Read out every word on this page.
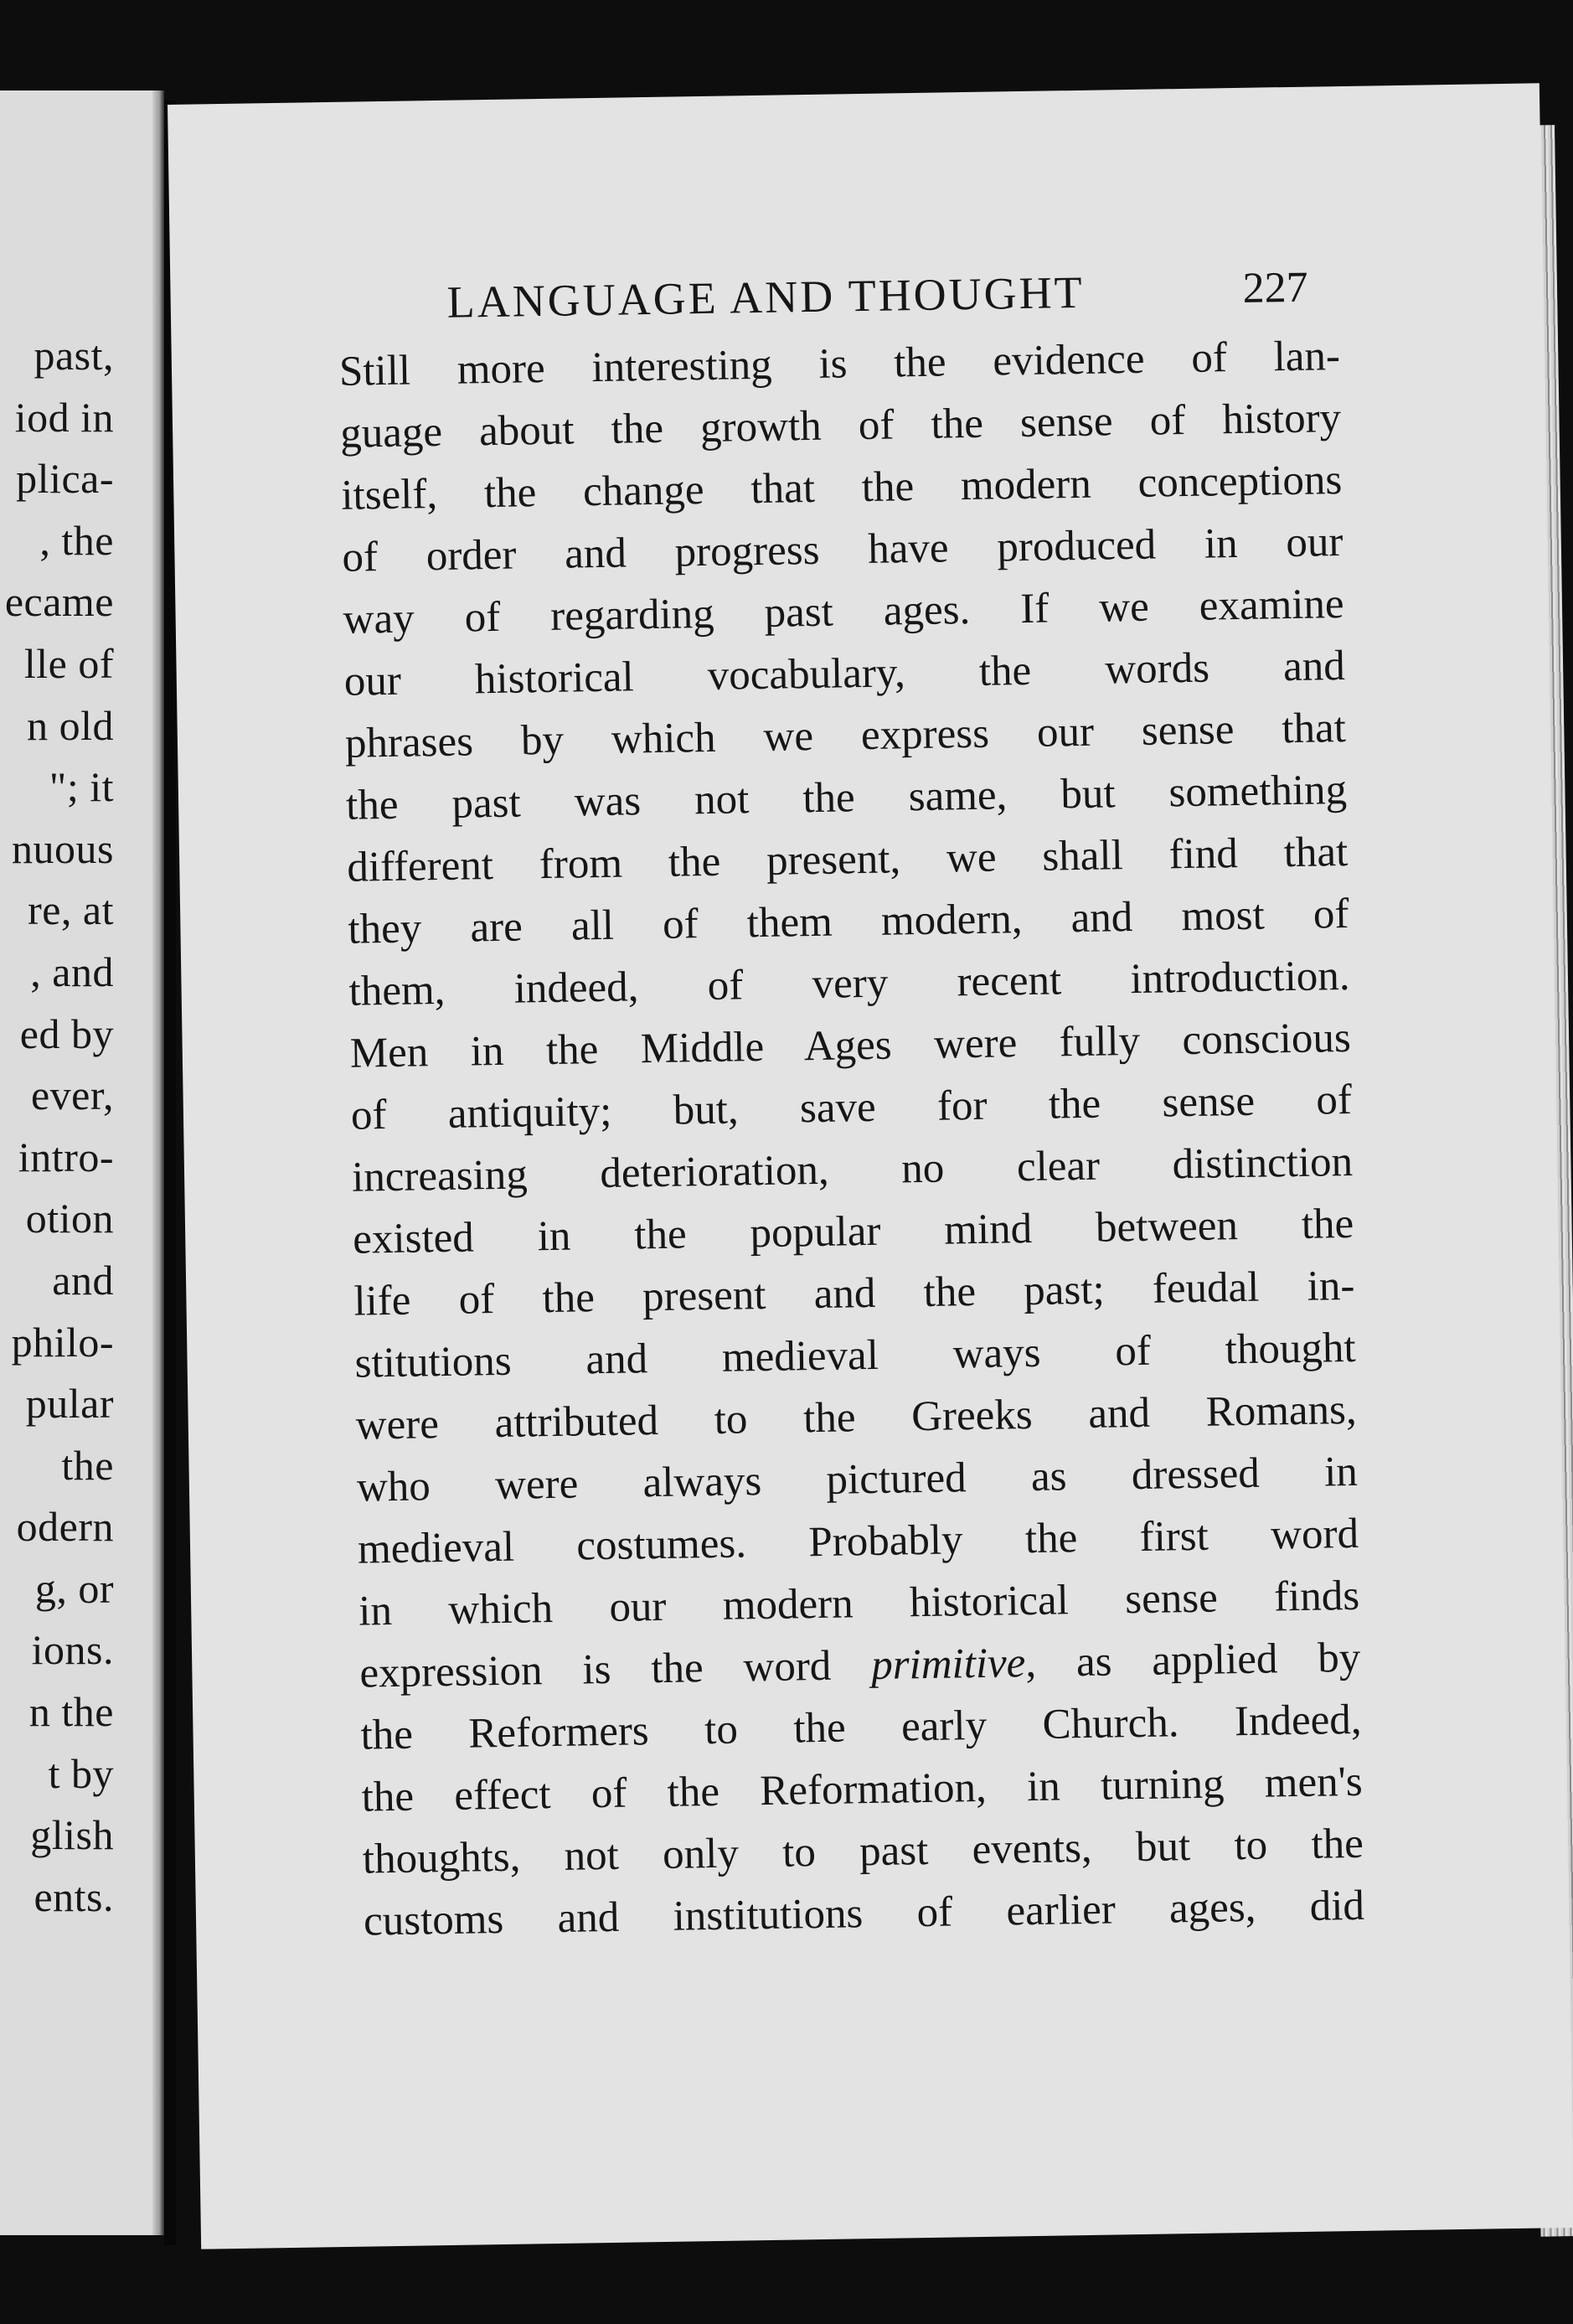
past,
iod in
plica-
, the
ecame
lle of
n old
"; it
nuous
re, at
, and
ed by
ever,
intro-
otion
and
philo-
pular
the
odern
g, or
ions.
n the
t by
glish
ents.
LANGUAGE AND THOUGHT	227
Still more interesting is the evidence of lan-
guage about the growth of the sense of history
itself, the change that the modern conceptions
of order and progress have produced in our
way of regarding past ages. If we examine
our historical vocabulary, the words and
phrases by which we express our sense that
the past was not the same, but something
different from the present, we shall find that
they are all of them modern, and most of
them, indeed, of very recent introduction.
Men in the Middle Ages were fully conscious
of antiquity; but, save for the sense of
increasing deterioration, no clear distinction
existed in the popular mind between the
life of the present and the past; feudal in-
stitutions and medieval ways of thought
were attributed to the Greeks and Romans,
who were always pictured as dressed in
medieval costumes. Probably the first word
in which our modern historical sense finds
expression is the word primitive, as applied by
the Reformers to the early Church. Indeed,
the effect of the Reformation, in turning men's
thoughts, not only to past events, but to the
customs and institutions of earlier ages, did
